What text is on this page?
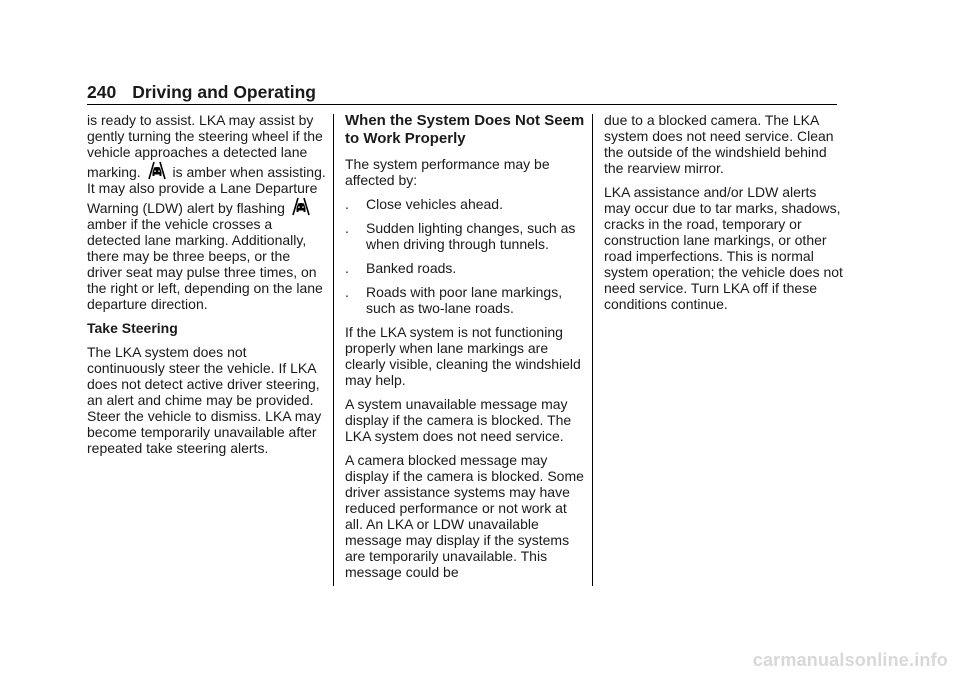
240 Driving and Operating

is ready to assist. LKA may assist by gently turning the steering wheel if the vehicle approaches a detected lane marking. is amber when assisting. It may also provide a Lane Departure Warning (LDW) alert by flashing  amber if the vehicle crosses a detected lane marking. Additionally, there may be three beeps, or the driver seat may pulse three times, on the right or left, depending on the lane departure direction.

Take Steering

The LKA system does not continuously steer the vehicle. If LKA does not detect active driver steering, an alert and chime may be provided. Steer the vehicle to dismiss. LKA may become temporarily unavailable after repeated take steering alerts.

When the System Does Not Seem to Work Properly

The system performance may be affected by:

. Close vehicles ahead.
. Sudden lighting changes, such as when driving through tunnels.
. Banked roads.
. Roads with poor lane markings, such as two-lane roads.

If the LKA system is not functioning properly when lane markings are clearly visible, cleaning the windshield may help.

A system unavailable message may display if the camera is blocked. The LKA system does not need service.

A camera blocked message may display if the camera is blocked. Some driver assistance systems may have reduced performance or not work at all. An LKA or LDW unavailable message may display if the systems are temporarily unavailable. This message could be

due to a blocked camera. The LKA system does not need service. Clean the outside of the windshield behind the rearview mirror.

LKA assistance and/or LDW alerts may occur due to tar marks, shadows, cracks in the road, temporary or construction lane markings, or other road imperfections. This is normal system operation; the vehicle does not need service. Turn LKA off if these conditions continue.

carmanualsonline.info
